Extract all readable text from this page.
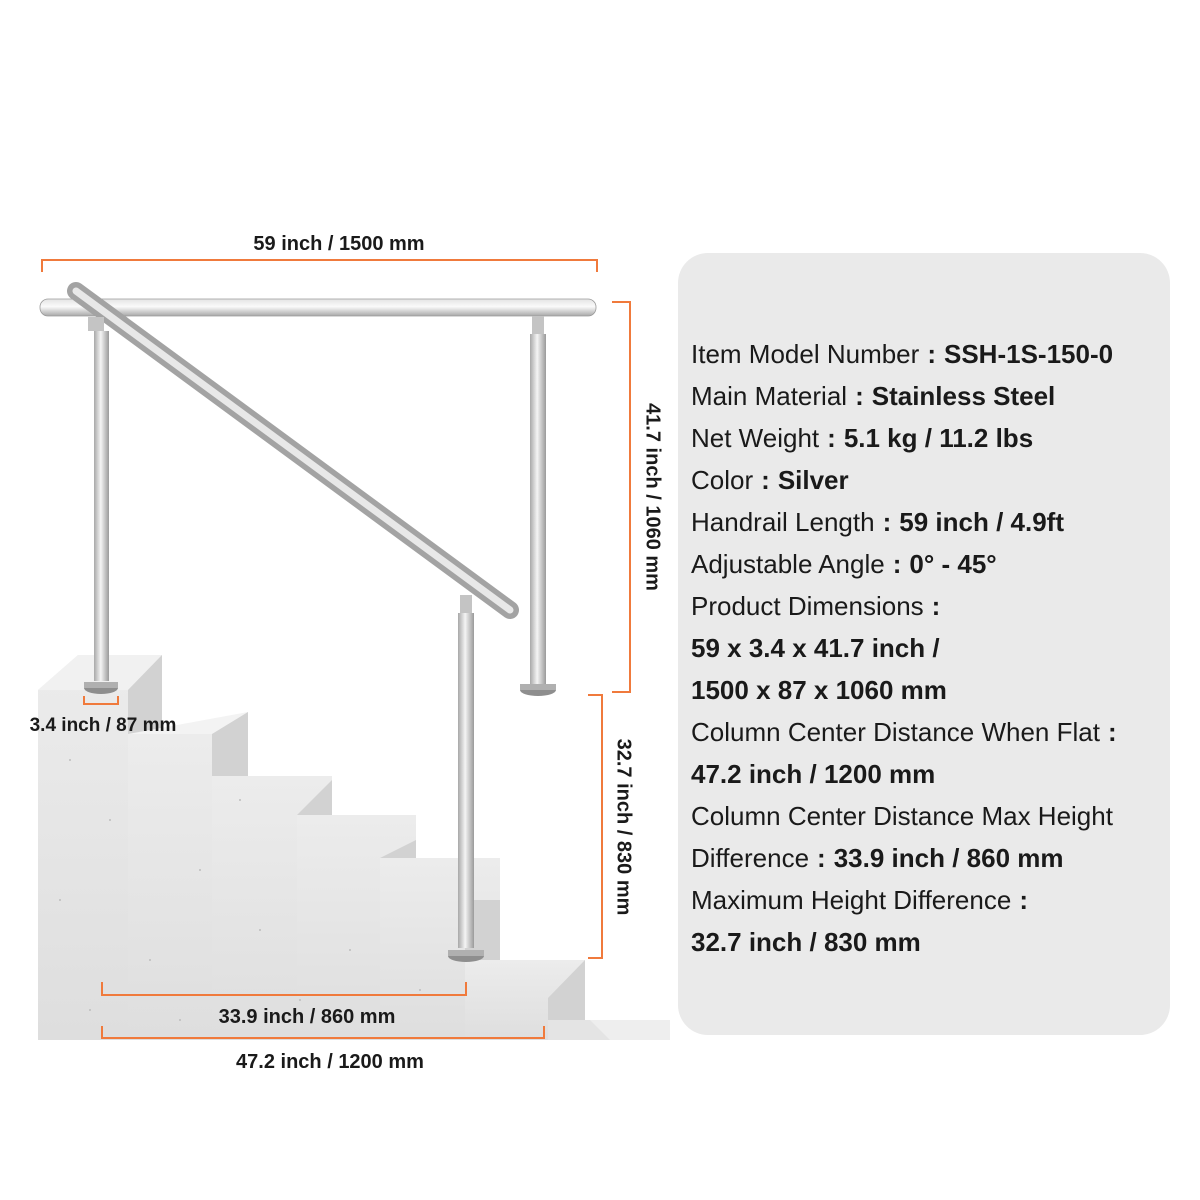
59 inch / 1500 mm
41.7 inch / 1060 mm
32.7 inch / 830 mm
3.4 inch / 87 mm
33.9 inch / 860 mm
47.2 inch / 1200 mm
Item Model Number : SSH-1S-150-0
Main Material : Stainless Steel
Net Weight : 5.1 kg / 11.2 lbs
Color : Silver
Handrail Length : 59 inch / 4.9ft
Adjustable Angle : 0° - 45°
Product Dimensions :
59 x 3.4 x 41.7 inch /
1500 x 87 x 1060 mm
Column Center Distance When Flat :
47.2 inch / 1200 mm
Column Center Distance Max Height
Difference : 33.9 inch / 860 mm
Maximum Height Difference :
32.7 inch / 830 mm
